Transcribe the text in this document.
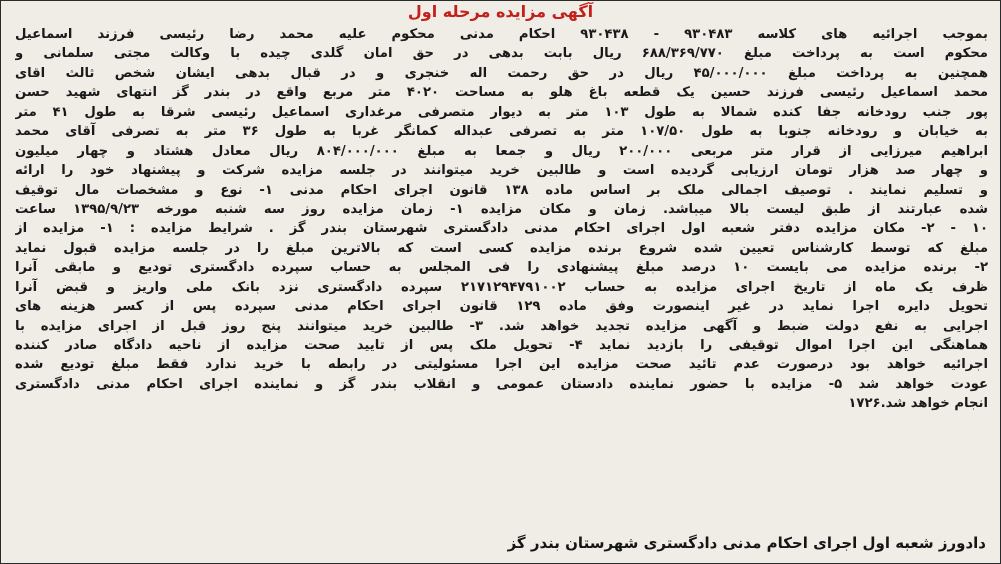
آگهی مزایده مرحله اول
بموجب اجرائیه های کلاسه ۹۳۰۴۸۳ - ۹۳۰۴۳۸ احکام مدنی محکوم علیه محمد رضا رئیسی فرزند اسماعیل
محکوم است به پرداخت مبلغ ۶۸۸/۳۶۹/۷۷۰ ریال بابت بدهی در حق امان گلدی چیده با وکالت مجتی سلمانی و
همچنین به پرداخت مبلغ ۴۵/۰۰۰/۰۰۰ ریال در حق رحمت اله خنجری و در قبال بدهی ایشان شخص ثالث اقای
محمد اسماعیل رئیسی فرزند حسین یک قطعه باغ هلو به مساحت ۴۰۲۰ متر مربع واقع در بندر گز انتهای شهید حسن
پور جنب رودخانه جفا کنده شمالا به طول ۱۰۳ متر به دیوار متصرفی مرغداری اسماعیل رئیسی شرقا به طول ۴۱ متر
به خیابان و رودخانه جنوبا به طول ۱۰۷/۵۰ متر به تصرفی عبداله کمانگر غربا به طول ۳۶ متر به تصرفی آقای محمد
ابراهیم میرزایی از قرار متر مربعی ۲۰۰/۰۰۰ ریال و جمعا به مبلغ ۸۰۴/۰۰۰/۰۰۰ ریال معادل هشتاد و چهار میلیون
و چهار صد هزار تومان ارزیابی گردیده است و طالبین خرید میتوانند در جلسه مزایده شرکت و پیشنهاد خود را ارائه
و تسلیم نمایند . توصیف اجمالی ملک بر اساس ماده ۱۳۸ قانون اجرای احکام مدنی ۱- نوع و مشخصات مال توقیف
شده عبارتند از طبق لیست بالا میباشد. زمان و مکان مزایده ۱- زمان مزایده روز سه شنبه مورخه ۱۳۹۵/۹/۲۳ ساعت
۱۰ - ۲- مکان مزایده دفتر شعبه اول اجرای احکام مدنی دادگستری شهرستان بندر گز . شرایط مزایده : ۱- مزایده از
مبلغ که توسط کارشناس تعیین شده شروع برنده مزایده کسی است که بالاترین مبلغ را در جلسه مزایده قبول نماید
۲- برنده مزایده می بایست ۱۰ درصد مبلغ پیشنهادی را فی المجلس به حساب سپرده دادگستری تودیع و مابقی آنرا
ظرف یک ماه از تاریخ اجرای مزایده به حساب ۲۱۷۱۲۹۴۷۹۱۰۰۲ سپرده دادگستری نزد بانک ملی واریز و قبض آنرا
تحویل دایره اجرا نماید در غیر اینصورت وفق ماده ۱۲۹ قانون اجرای احکام مدنی سپرده پس از کسر هزینه های
اجرایی به نفع دولت ضبط و آگهی مزایده تجدید خواهد شد. ۳- طالبین خرید میتوانند پنج روز قبل از اجرای مزایده با
هماهنگی این اجرا اموال توقیفی را بازدید نماید ۴- تحویل ملک پس از تایید صحت مزایده از ناحیه دادگاه صادر کننده
اجرائیه خواهد بود درصورت عدم تائید صحت مزایده این اجرا مسئولیتی در رابطه با خرید ندارد فقط مبلغ تودیع شده
عودت خواهد شد ۵- مزایده با حضور نماینده دادستان عمومی و انقلاب بندر گز و نماینده اجرای احکام مدنی دادگستری
انجام خواهد شد.۱۷۲۶
دادورز شعبه اول اجرای احکام مدنی دادگستری شهرستان بندر گز
